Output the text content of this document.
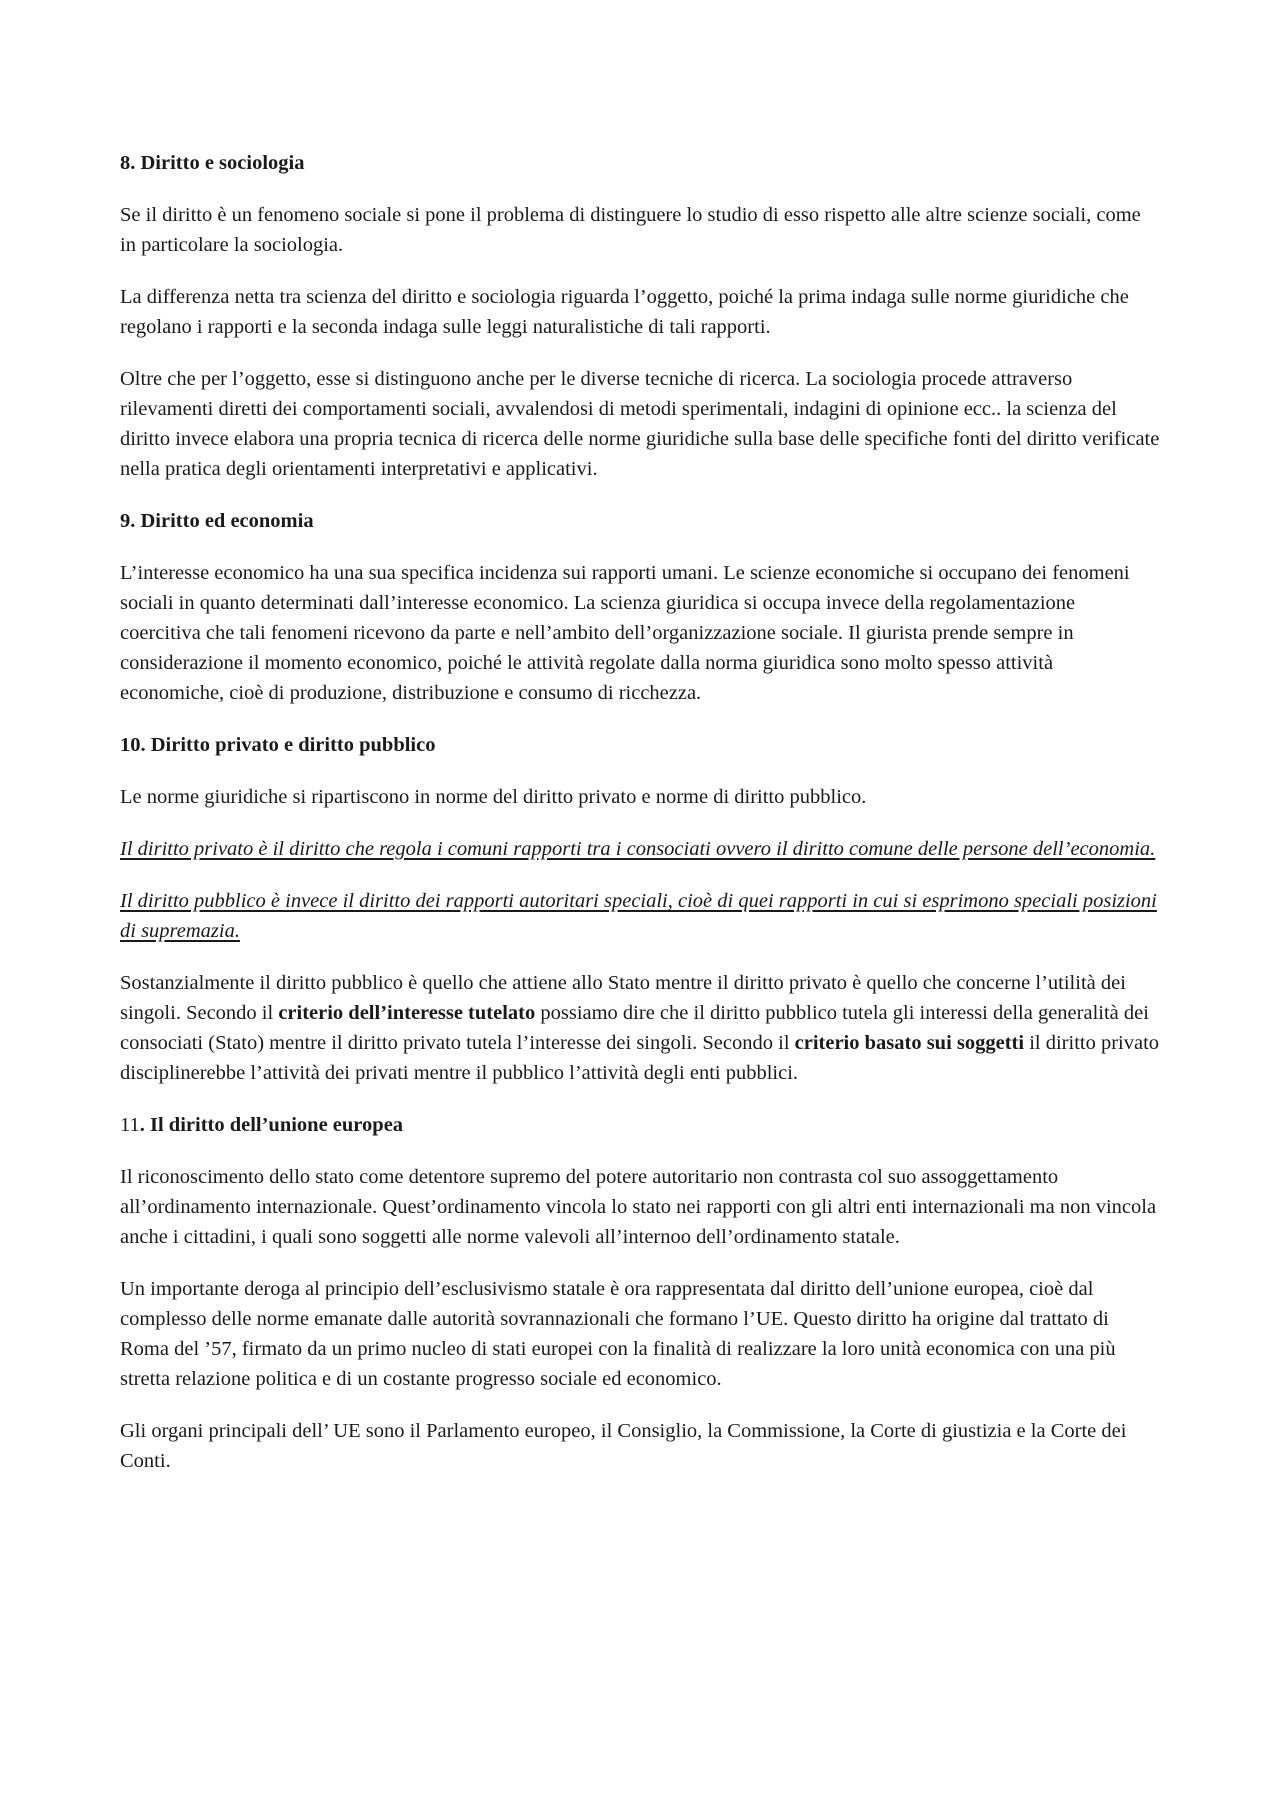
8. Diritto e sociologia

Se il diritto è un fenomeno sociale si pone il problema di distinguere lo studio di esso rispetto alle altre scienze sociali, come in particolare la sociologia.

La differenza netta tra scienza del diritto e sociologia riguarda l’oggetto, poiché la prima indaga sulle norme giuridiche che regolano i rapporti e la seconda indaga sulle leggi naturalistiche di tali rapporti.

Oltre che per l’oggetto, esse si distinguono anche per le diverse tecniche di ricerca. La sociologia procede attraverso rilevamenti diretti dei comportamenti sociali, avvalendosi di metodi sperimentali, indagini di opinione ecc.. la scienza del diritto invece elabora una propria tecnica di ricerca delle norme giuridiche sulla base delle specifiche fonti del diritto verificate nella pratica degli orientamenti interpretativi e applicativi.

9. Diritto ed economia

L’interesse economico ha una sua specifica incidenza sui rapporti umani. Le scienze economiche si occupano dei fenomeni sociali in quanto determinati dall’interesse economico. La scienza giuridica si occupa invece della regolamentazione coercitiva che tali fenomeni ricevono da parte e nell’ambito dell’organizzazione sociale. Il giurista prende sempre in considerazione il momento economico, poiché le attività regolate dalla norma giuridica sono molto spesso attività economiche, cioè di produzione, distribuzione e consumo di ricchezza.

10. Diritto privato e diritto pubblico

Le norme giuridiche si ripartiscono in norme del diritto privato e norme di diritto pubblico.

Il diritto privato è il diritto che regola i comuni rapporti tra i consociati ovvero il diritto comune delle persone dell’economia.

Il diritto pubblico è invece il diritto dei rapporti autoritari speciali, cioè di quei rapporti in cui si esprimono speciali posizioni di supremazia.

Sostanzialmente il diritto pubblico è quello che attiene allo Stato mentre il diritto privato è quello che concerne l’utilità dei singoli. Secondo il criterio dell’interesse tutelato possiamo dire che il diritto pubblico tutela gli interessi della generalità dei consociati (Stato) mentre il diritto privato tutela l’interesse dei singoli. Secondo il criterio basato sui soggetti il diritto privato disciplinerebbe l’attività dei privati mentre il pubblico l’attività degli enti pubblici.

11. Il diritto dell’unione europea

Il riconoscimento dello stato come detentore supremo del potere autoritario non contrasta col suo assoggettamento all’ordinamento internazionale. Quest’ordinamento vincola lo stato nei rapporti con gli altri enti internazionali ma non vincola anche i cittadini, i quali sono soggetti alle norme valevoli all’internoo dell’ordinamento statale.

Un importante deroga al principio dell’esclusivismo statale è ora rappresentata dal diritto dell’unione europea, cioè dal complesso delle norme emanate dalle autorità sovrannazionali che formano l’UE. Questo diritto ha origine dal trattato di Roma del ’57, firmato da un primo nucleo di stati europei con la finalità di realizzare la loro unità economica con una più stretta relazione politica e di un costante progresso sociale ed economico.

Gli organi principali dell’ UE sono il Parlamento europeo, il Consiglio, la Commissione, la Corte di giustizia e la Corte dei Conti.
